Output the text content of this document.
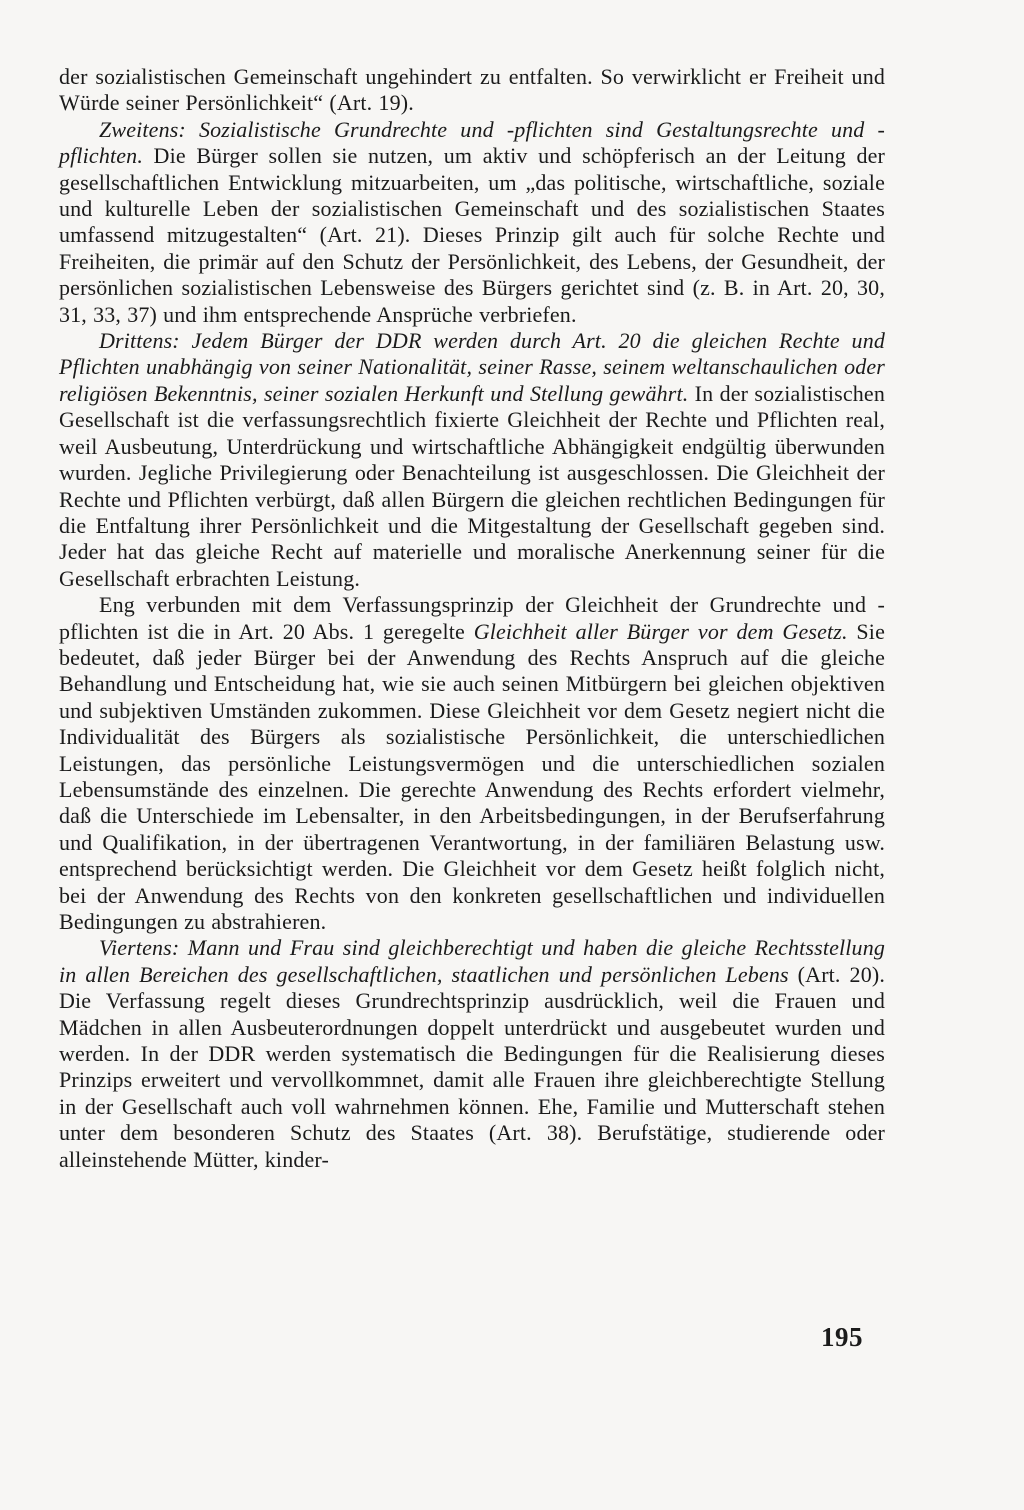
der sozialistischen Gemeinschaft ungehindert zu entfalten. So verwirklicht er Freiheit und Würde seiner Persönlichkeit“ (Art. 19).

Zweitens: Sozialistische Grundrechte und -pflichten sind Gestaltungsrechte und -pflichten. Die Bürger sollen sie nutzen, um aktiv und schöpferisch an der Leitung der gesellschaftlichen Entwicklung mitzuarbeiten, um „das politische, wirtschaftliche, soziale und kulturelle Leben der sozialistischen Gemeinschaft und des sozialistischen Staates umfassend mitzugestalten“ (Art. 21). Dieses Prinzip gilt auch für solche Rechte und Freiheiten, die primär auf den Schutz der Persönlichkeit, des Lebens, der Gesundheit, der persönlichen sozialistischen Lebensweise des Bürgers gerichtet sind (z. B. in Art. 20, 30, 31, 33, 37) und ihm entsprechende Ansprüche verbriefen.

Drittens: Jedem Bürger der DDR werden durch Art. 20 die gleichen Rechte und Pflichten unabhängig von seiner Nationalität, seiner Rasse, seinem weltanschaulichen oder religiösen Bekenntnis, seiner sozialen Herkunft und Stellung gewährt. In der sozialistischen Gesellschaft ist die verfassungsrechtlich fixierte Gleichheit der Rechte und Pflichten real, weil Ausbeutung, Unterdrückung und wirtschaftliche Abhängigkeit endgültig überwunden wurden. Jegliche Privilegierung oder Benachteilung ist ausgeschlossen. Die Gleichheit der Rechte und Pflichten verbürgt, daß allen Bürgern die gleichen rechtlichen Bedingungen für die Entfaltung ihrer Persönlichkeit und die Mitgestaltung der Gesellschaft gegeben sind. Jeder hat das gleiche Recht auf materielle und moralische Anerkennung seiner für die Gesellschaft erbrachten Leistung.

Eng verbunden mit dem Verfassungsprinzip der Gleichheit der Grundrechte und -pflichten ist die in Art. 20 Abs. 1 geregelte Gleichheit aller Bürger vor dem Gesetz. Sie bedeutet, daß jeder Bürger bei der Anwendung des Rechts Anspruch auf die gleiche Behandlung und Entscheidung hat, wie sie auch seinen Mitbürgern bei gleichen objektiven und subjektiven Umständen zukommen. Diese Gleichheit vor dem Gesetz negiert nicht die Individualität des Bürgers als sozialistische Persönlichkeit, die unterschiedlichen Leistungen, das persönliche Leistungsvermögen und die unterschiedlichen sozialen Lebensumstände des einzelnen. Die gerechte Anwendung des Rechts erfordert vielmehr, daß die Unterschiede im Lebensalter, in den Arbeitsbedingungen, in der Berufserfahrung und Qualifikation, in der übertragenen Verantwortung, in der familiären Belastung usw. entsprechend berücksichtigt werden. Die Gleichheit vor dem Gesetz heißt folglich nicht, bei der Anwendung des Rechts von den konkreten gesellschaftlichen und individuellen Bedingungen zu abstrahieren.

Viertens: Mann und Frau sind gleichberechtigt und haben die gleiche Rechtsstellung in allen Bereichen des gesellschaftlichen, staatlichen und persönlichen Lebens (Art. 20). Die Verfassung regelt dieses Grundrechtsprinzip ausdrücklich, weil die Frauen und Mädchen in allen Ausbeuterordnungen doppelt unterdrückt und ausgebeutet wurden und werden. In der DDR werden systematisch die Bedingungen für die Realisierung dieses Prinzips erweitert und vervollkommnet, damit alle Frauen ihre gleichberechtigte Stellung in der Gesellschaft auch voll wahrnehmen können. Ehe, Familie und Mutterschaft stehen unter dem besonderen Schutz des Staates (Art. 38). Berufstätige, studierende oder alleinstehende Mütter, kinder-

195
